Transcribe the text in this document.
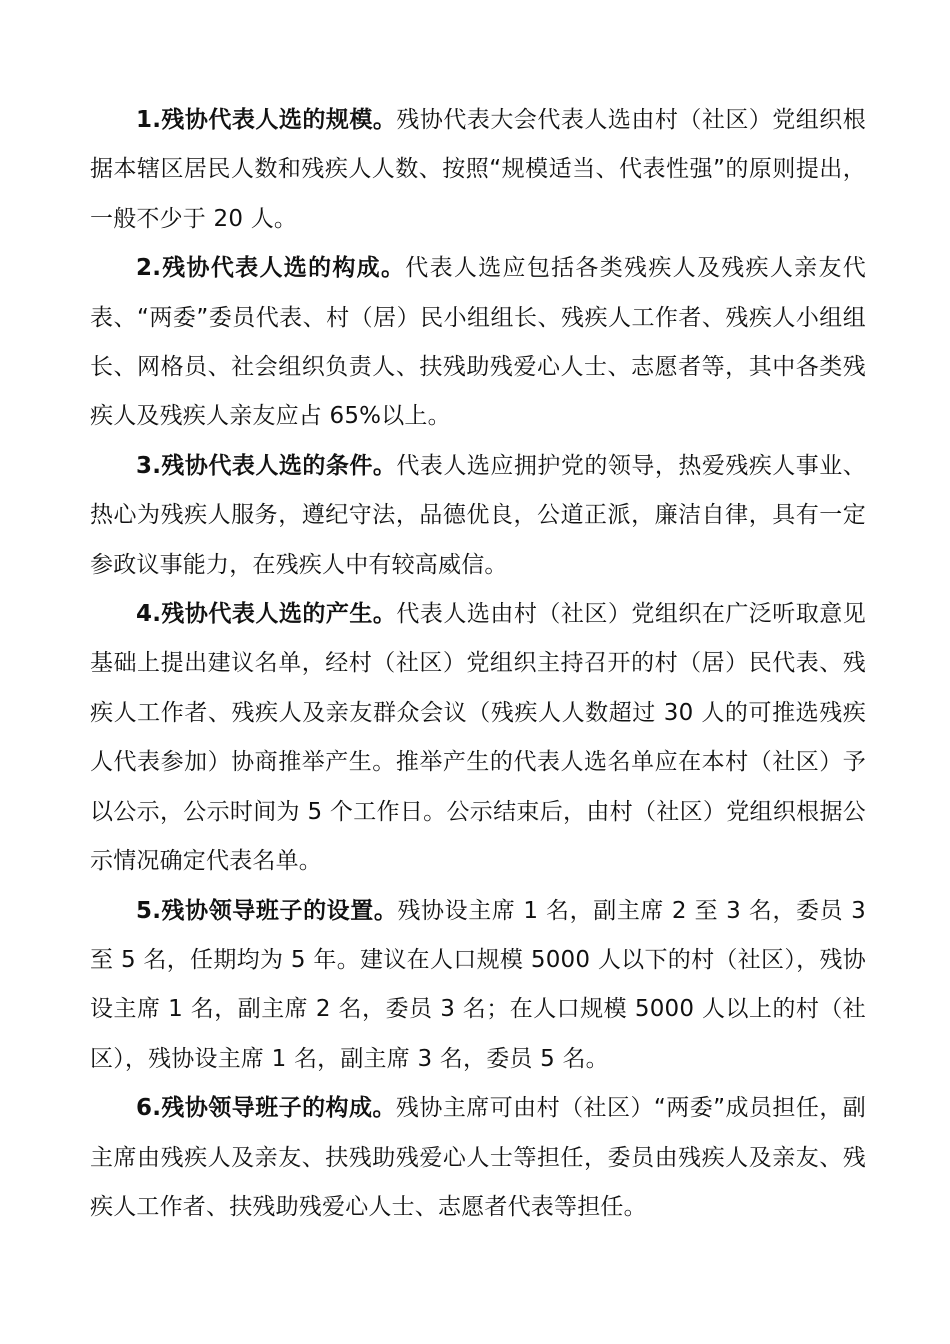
1.残协代表人选的规模。残协代表大会代表人选由村（社区）党组织根据本辖区居民人数和残疾人人数、按照“规模适当、代表性强”的原则提出，一般不少于 20 人。

2.残协代表人选的构成。代表人选应包括各类残疾人及残疾人亲友代表、“两委”委员代表、村（居）民小组组长、残疾人工作者、残疾人小组组长、网格员、社会组织负责人、扶残助残爱心人士、志愿者等，其中各类残疾人及残疾人亲友应占 65%以上。

3.残协代表人选的条件。代表人选应拥护党的领导，热爱残疾人事业、热心为残疾人服务，遵纪守法，品德优良，公道正派，廉洁自律，具有一定参政议事能力，在残疾人中有较高威信。

4.残协代表人选的产生。代表人选由村（社区）党组织在广泛听取意见基础上提出建议名单，经村（社区）党组织主持召开的村（居）民代表、残疾人工作者、残疾人及亲友群众会议（残疾人人数超过 30 人的可推选残疾人代表参加）协商推举产生。推举产生的代表人选名单应在本村（社区）予以公示，公示时间为 5 个工作日。公示结束后，由村（社区）党组织根据公示情况确定代表名单。

5.残协领导班子的设置。残协设主席 1 名，副主席 2 至 3 名，委员 3 至 5 名，任期均为 5 年。建议在人口规模 5000 人以下的村（社区），残协设主席 1 名，副主席 2 名，委员 3 名；在人口规模 5000 人以上的村（社区），残协设主席 1 名，副主席 3 名，委员 5 名。

6.残协领导班子的构成。残协主席可由村（社区）“两委”成员担任，副主席由残疾人及亲友、扶残助残爱心人士等担任，委员由残疾人及亲友、残疾人工作者、扶残助残爱心人士、志愿者代表等担任。
